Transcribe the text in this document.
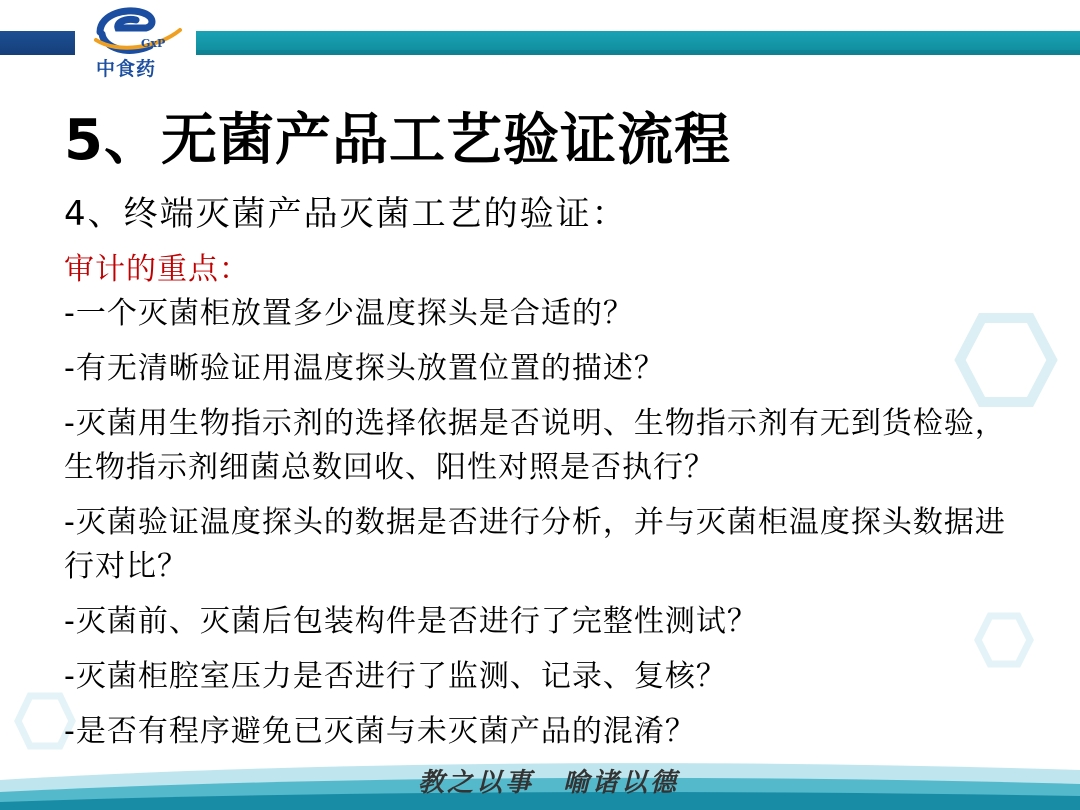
GxP
中食药
5、无菌产品工艺验证流程
4、终端灭菌产品灭菌工艺的验证：
审计的重点：
-一个灭菌柜放置多少温度探头是合适的？
-有无清晰验证用温度探头放置位置的描述？
-灭菌用生物指示剂的选择依据是否说明、生物指示剂有无到货检验，生物指示剂细菌总数回收、阳性对照是否执行？
-灭菌验证温度探头的数据是否进行分析，并与灭菌柜温度探头数据进行对比？
-灭菌前、灭菌后包装构件是否进行了完整性测试？
-灭菌柜腔室压力是否进行了监测、记录、复核？
-是否有程序避免已灭菌与未灭菌产品的混淆？
教之以事　喻诸以德
